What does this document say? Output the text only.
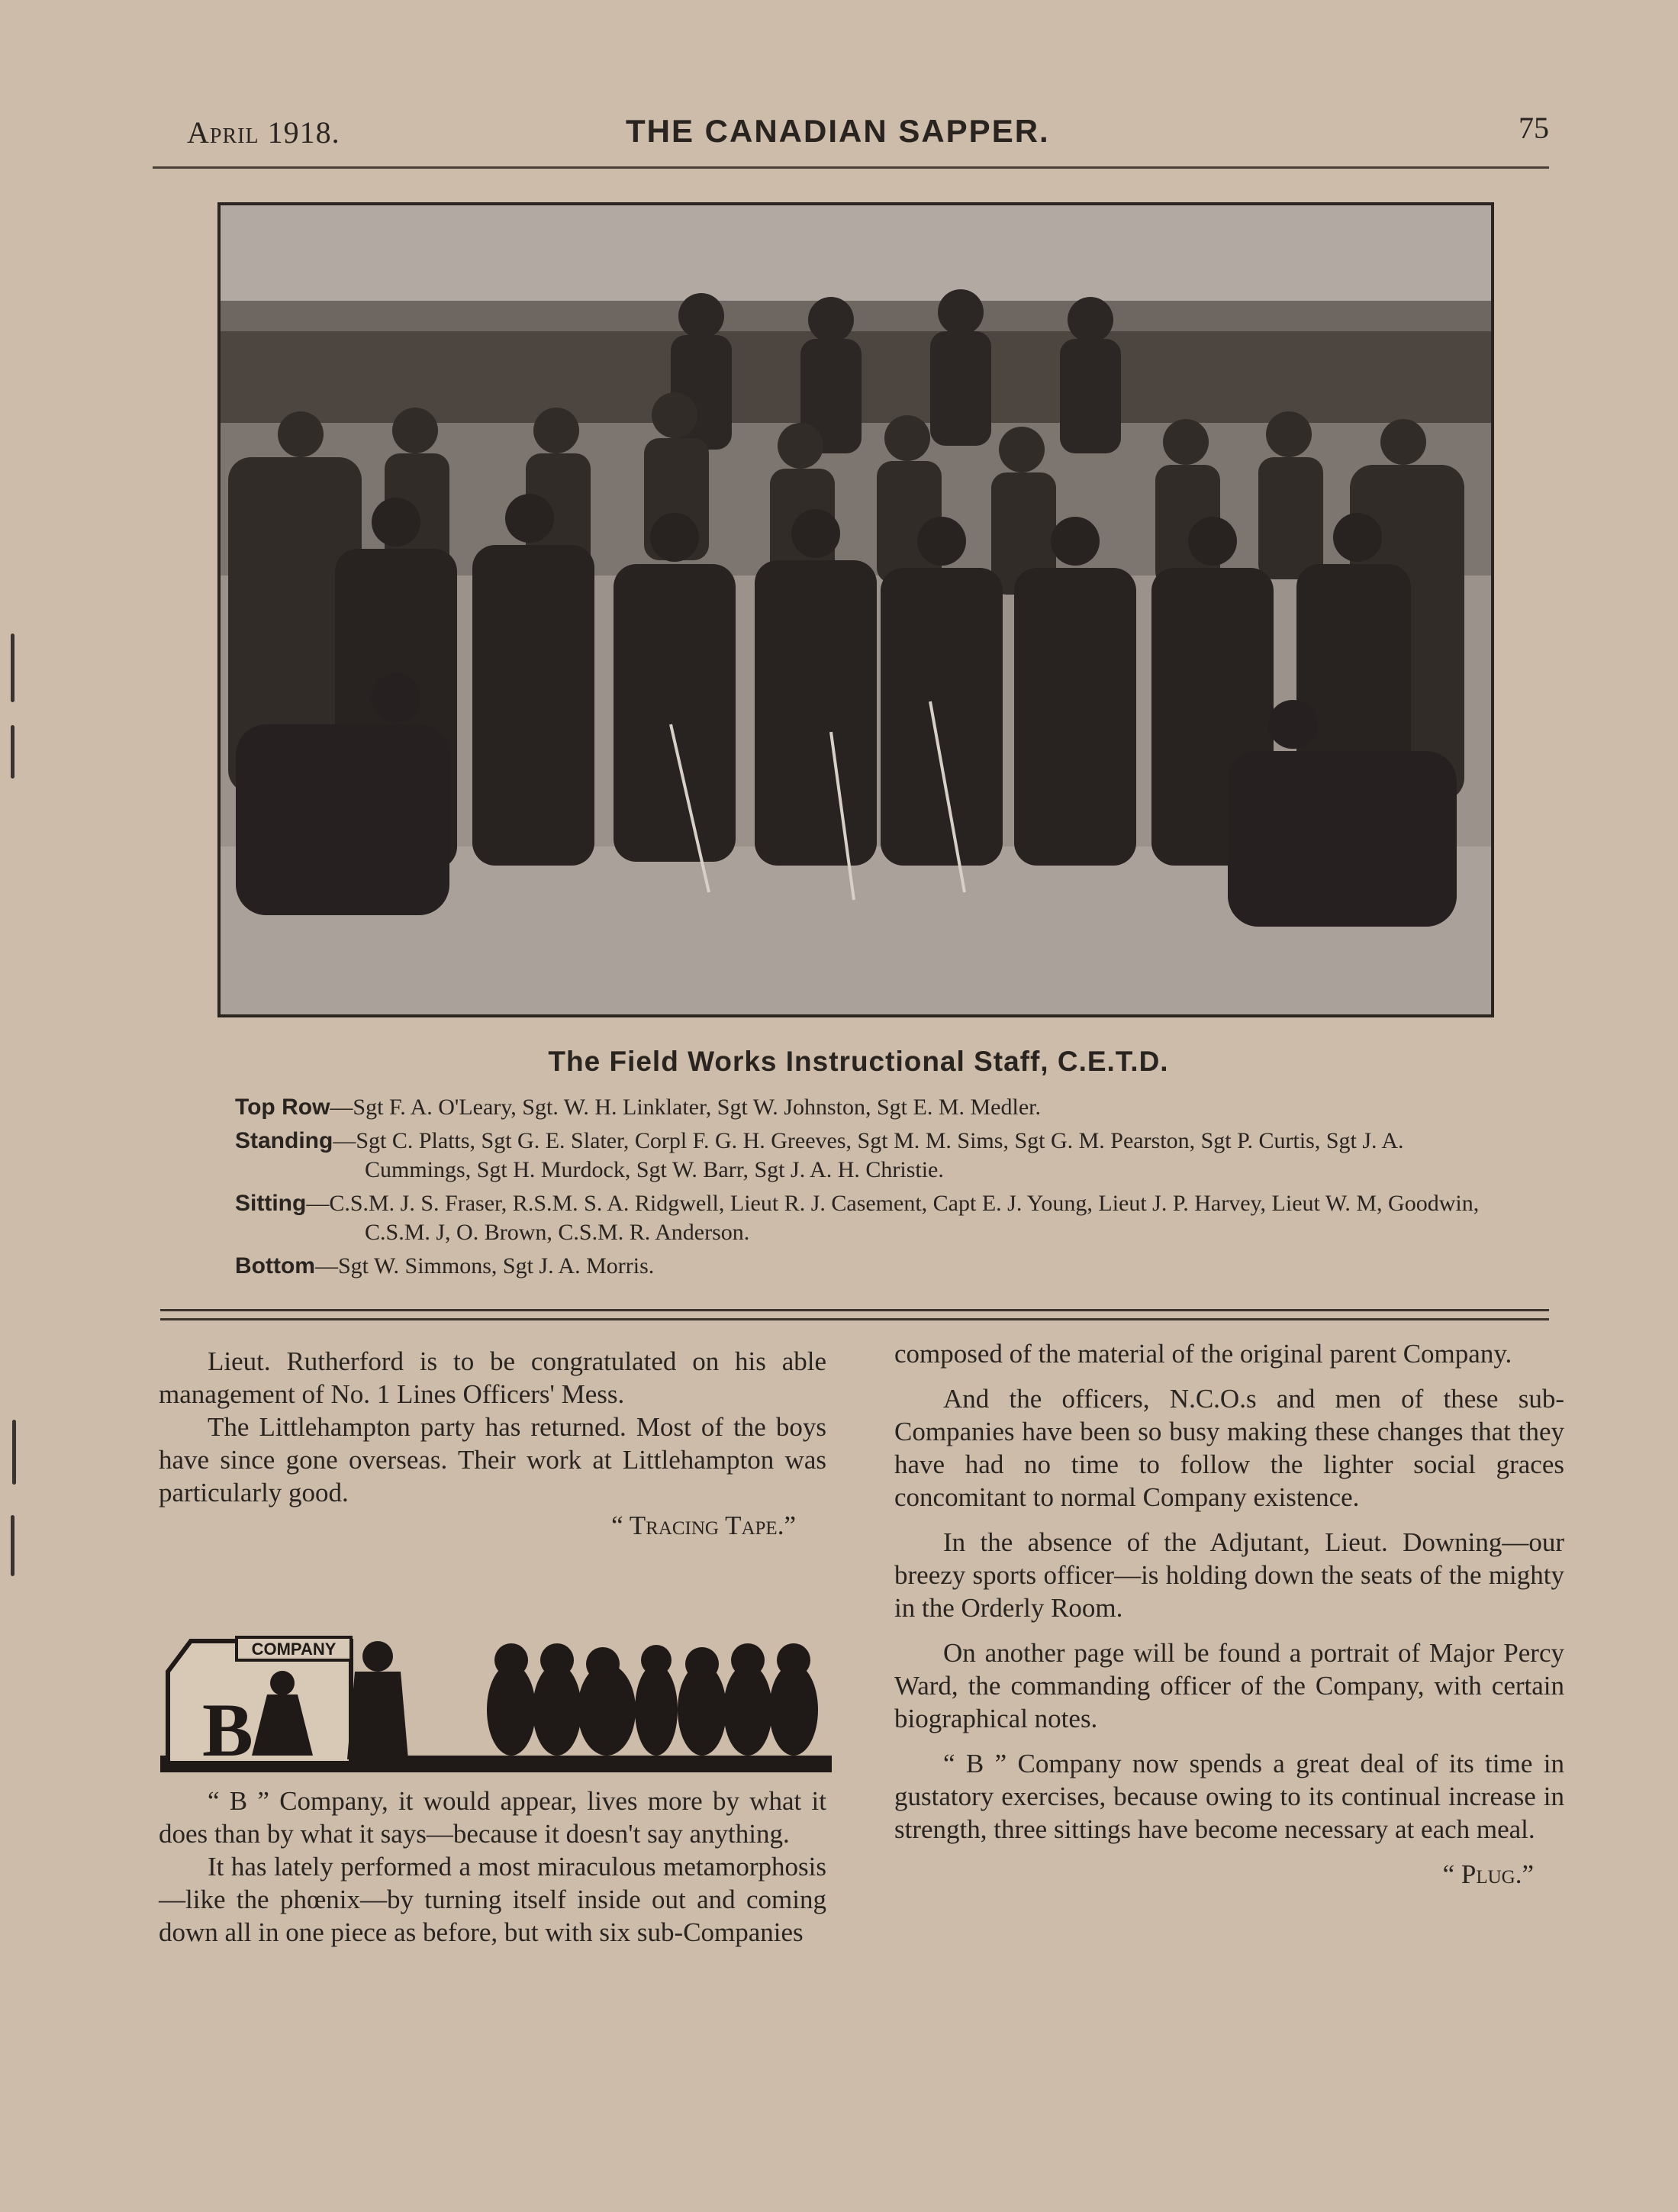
April 1918.	THE CANADIAN SAPPER.	75
The Field Works Instructional Staff, C.E.T.D.
Top Row—Sgt F. A. O'Leary, Sgt. W. H. Linklater, Sgt W. Johnston, Sgt E. M. Medler.
Standing—Sgt C. Platts, Sgt G. E. Slater, Corpl F. G. H. Greeves, Sgt M. M. Sims, Sgt G. M. Pearston, Sgt P. Curtis, Sgt J. A. Cummings, Sgt H. Murdock, Sgt W. Barr, Sgt J. A. H. Christie.
Sitting—C.S.M. J. S. Fraser, R.S.M. S. A. Ridgwell, Lieut R. J. Casement, Capt E. J. Young, Lieut J. P. Harvey, Lieut W. M, Goodwin, C.S.M. J, O. Brown, C.S.M. R. Anderson.
Bottom—Sgt W. Simmons, Sgt J. A. Morris.

Lieut. Rutherford is to be congratulated on his able management of No. 1 Lines Officers' Mess.

The Littlehampton party has returned. Most of the boys have since gone overseas. Their work at Littlehampton was particularly good.

“ Tracing Tape.”

COMPANY
B

“ B ” Company, it would appear, lives more by what it does than by what it says—because it doesn't say anything.

It has lately performed a most miraculous metamorphosis—like the phœnix—by turning itself inside out and coming down all in one piece as before, but with six sub-Companies

composed of the material of the original parent Company.

And the officers, N.C.O.s and men of these sub-Companies have been so busy making these changes that they have had no time to follow the lighter social graces concomitant to normal Company existence.

In the absence of the Adjutant, Lieut. Downing—our breezy sports officer—is holding down the seats of the mighty in the Orderly Room.

On another page will be found a portrait of Major Percy Ward, the commanding officer of the Company, with certain biographical notes.

“ B ” Company now spends a great deal of its time in gustatory exercises, because owing to its continual increase in strength, three sittings have become necessary at each meal.

“ Plug.”
